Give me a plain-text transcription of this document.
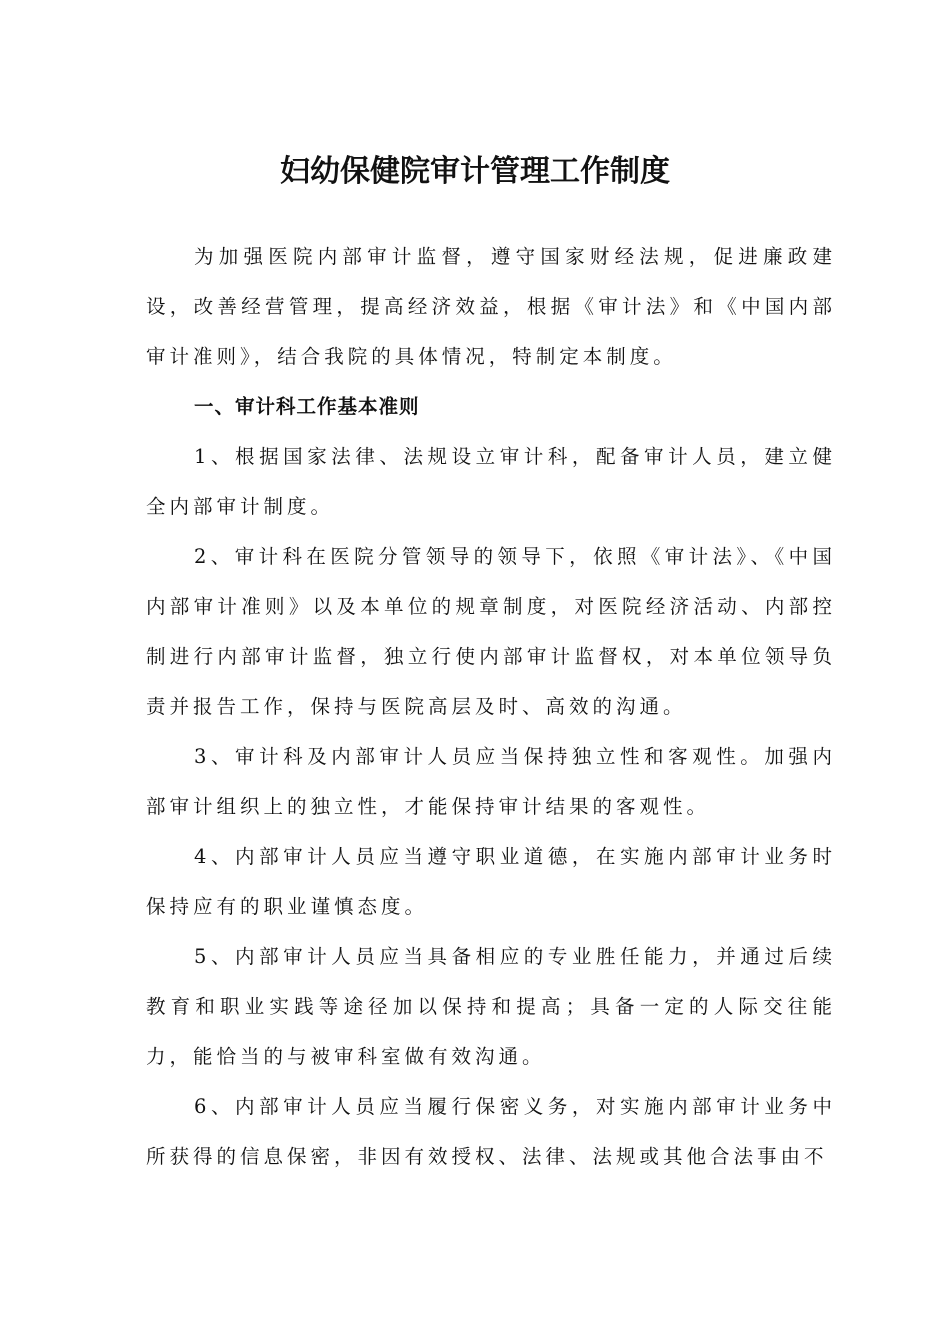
妇幼保健院审计管理工作制度

为加强医院内部审计监督，遵守国家财经法规，促进廉政建设，改善经营管理，提高经济效益，根据《审计法》和《中国内部审计准则》，结合我院的具体情况，特制定本制度。

一、审计科工作基本准则

1、根据国家法律、法规设立审计科，配备审计人员，建立健全内部审计制度。

2、审计科在医院分管领导的领导下，依照《审计法》、《中国内部审计准则》以及本单位的规章制度，对医院经济活动、内部控制进行内部审计监督，独立行使内部审计监督权，对本单位领导负责并报告工作，保持与医院高层及时、高效的沟通。

3、审计科及内部审计人员应当保持独立性和客观性。加强内部审计组织上的独立性，才能保持审计结果的客观性。

4、内部审计人员应当遵守职业道德，在实施内部审计业务时保持应有的职业谨慎态度。

5、内部审计人员应当具备相应的专业胜任能力，并通过后续教育和职业实践等途径加以保持和提高；具备一定的人际交往能力，能恰当的与被审科室做有效沟通。

6、内部审计人员应当履行保密义务，对实施内部审计业务中所获得的信息保密，非因有效授权、法律、法规或其他合法事由不
